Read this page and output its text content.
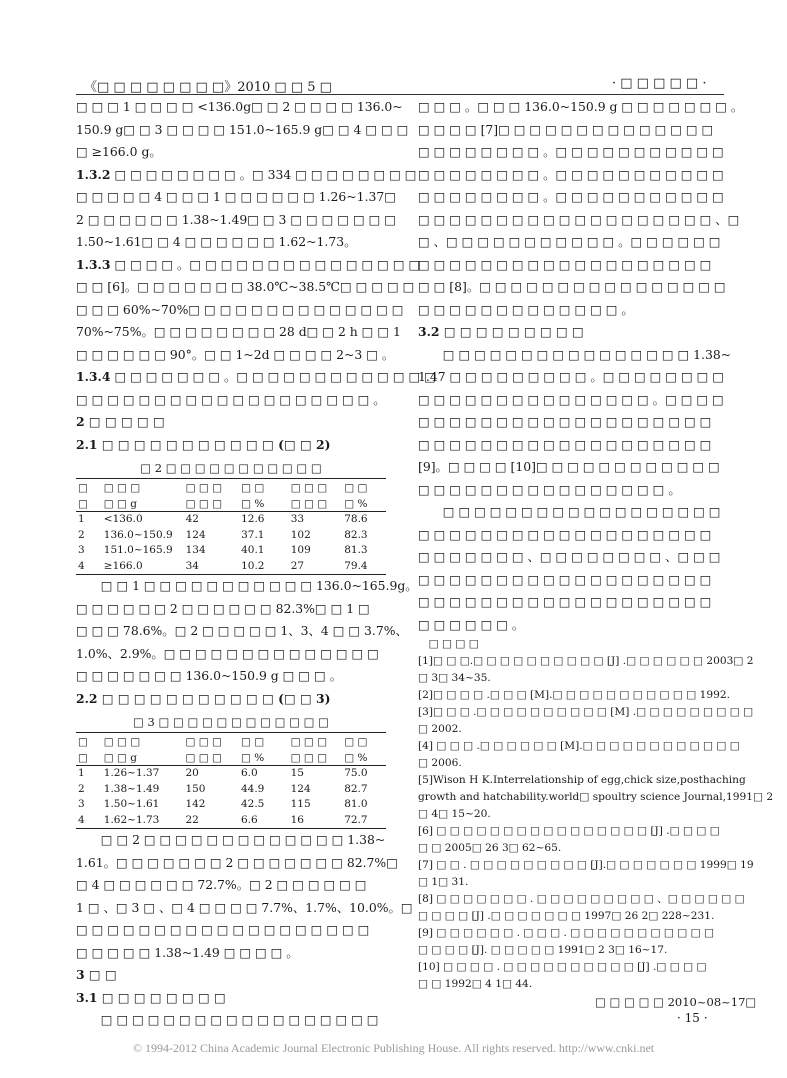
《□ □ □ □ □ □ □ □》2010 □ □ 5 □	· □ □ □ □ □ ·

□ □ □ 1 □ □ □ □ <136.0g□ □ 2 □ □ □ □ 136.0~

150.9 g□ □ 3 □ □ □ □ 151.0~165.9 g□ □ 4 □ □ □

□ ≥166.0 g。

1.3.2 □ □ □ □ □ □ □ □ 。□ 334 □ □ □ □ □ □ □ □

□ □ □ □ □ 4 □ □ □ 1 □ □ □ □ □ □ 1.26~1.37□

2 □ □ □ □ □ □ 1.38~1.49□ □ 3 □ □ □ □ □ □ □

1.50~1.61□ □ 4 □ □ □ □ □ □ 1.62~1.73。

1.3.3 □ □ □ □ 。□ □ □ □ □ □ □ □ □ □ □ □ □ □ □

□ □ [6]。□ □ □ □ □ □ □ 38.0℃~38.5℃□ □ □ □ □

□ □ □ 60%~70%□ □ □ □ □ □ □ □ □ □ □ □ □ □

70%~75%。□ □ □ □ □ □ □ □ 28 d□ □ 2 h □ □ 1

□ □ □ □ □ □ 90°。□ □ 1~2d □ □ □ □ 2~3 □ 。

1.3.4 □ □ □ □ □ □ □ 。□ □ □ □ □ □ □ □ □ □ □ □ □

□ □ □ □ □ □ □ □ □ □ □ □ □ □ □ □ □ □ □ 。

2 □ □ □ □ □

2.1 □ □ □ □ □ □ □ □ □ □ □ (□ □ 2)

□ 2 □ □ □ □ □ □ □ □ □ □ □
□	□ □ □	□ □ □	□ □	□ □ □	□ □
□	□ □ g	□ □ □	□ %	□ □ □	□ %
1	<136.0	42	12.6	33	78.6
2	136.0~150.9	124	37.1	102	82.3
3	151.0~165.9	134	40.1	109	81.3
4	≥166.0	34	10.2	27	79.4

□ □ 1 □ □ □ □ □ □ □ □ □ □ □ 136.0~165.9g。

□ □ □ □ □ □ 2 □ □ □ □ □ □ 82.3%□ □ 1 □

□ □ □ 78.6%。□ 2 □ □ □ □ □ 1、3、4 □ □ 3.7%、

1.0%、2.9%。□ □ □ □ □ □ □ □ □ □ □ □ □ □

□ □ □ □ □ □ □ 136.0~150.9 g □ □ □ 。

2.2 □ □ □ □ □ □ □ □ □ □ □ (□ □ 3)

□ 3 □ □ □ □ □ □ □ □ □ □ □ □
□	□ □ □	□ □ □	□ □	□ □ □	□ □
□	□ □ g	□ □ □	□ %	□ □ □	□ %
1	1.26~1.37	20	6.0	15	75.0
2	1.38~1.49	150	44.9	124	82.7
3	1.50~1.61	142	42.5	115	81.0
4	1.62~1.73	22	6.6	16	72.7

□ □ 2 □ □ □ □ □ □ □ □ □ □ □ □ □ 1.38~

1.61。□ □ □ □ □ □ □ 2 □ □ □ □ □ □ □ 82.7%□

□ 4 □ □ □ □ □ □ 72.7%。□ 2 □ □ □ □ □ □

1 □ 、□ 3 □ 、□ 4 □ □ □ □ 7.7%、1.7%、10.0%。□

□ □ □ □ □ □ □ □ □ □ □ □ □ □ □ □ □ □ □

□ □ □ □ □ 1.38~1.49 □ □ □ □ 。

3 □ □

3.1 □ □ □ □ □ □ □ □

□ □ □ □ □ □ □ □ □ □ □ □ □ □ □ □ □ □

□ □ □ 。□ □ □ 136.0~150.9 g □ □ □ □ □ □ □ 。

□ □ □ □ [7]□ □ □ □ □ □ □ □ □ □ □ □ □ □

□ □ □ □ □ □ □ □ 。□ □ □ □ □ □ □ □ □ □ □

□ □ □ □ □ □ □ □ 。□ □ □ □ □ □ □ □ □ □ □

□ □ □ □ □ □ □ □ 。□ □ □ □ □ □ □ □ □ □ □

□ □ □ □ □ □ □ □ □ □ □ □ □ □ □ □ □ □ □ 、□

□ 、□ □ □ □ □ □ □ □ □ □ □ 。□ □ □ □ □ □

□ □ □ □ □ □ □ □ □ □ □ □ □ □ □ □ □ □ □

□ □ [8]。□ □ □ □ □ □ □ □ □ □ □ □ □ □ □ □

□ □ □ □ □ □ □ □ □ □ □ □ □ 。

3.2 □ □ □ □ □ □ □ □ □

□ □ □ □ □ □ □ □ □ □ □ □ □ □ □ □ 1.38~

1.47 □ □ □ □ □ □ □ □ □ 。□ □ □ □ □ □ □ □

□ □ □ □ □ □ □ □ □ □ □ □ □ □ □ 。□ □ □ □

□ □ □ □ □ □ □ □ □ □ □ □ □ □ □ □ □ □ □

□ □ □ □ □ □ □ □ □ □ □ □ □ □ □ □ □ □ □

[9]。□ □ □ □ [10]□ □ □ □ □ □ □ □ □ □ □ □

□ □ □ □ □ □ □ □ □ □ □ □ □ □ □ □ 。

□ □ □ □ □ □ □ □ □ □ □ □ □ □ □ □ □ □

□ □ □ □ □ □ □ □ □ □ □ □ □ □ □ □ □ □ □

□ □ □ □ □ □ □ 、□ □ □ □ □ □ □ □ 、□ □ □

□ □ □ □ □ □ □ □ □ □ □ □ □ □ □ □ □ □ □

□ □ □ □ □ □ □ □ □ □ □ □ □ □ □ □ □ □ □

□ □ □ □ □ □ 。

□ □ □ □

[1]□ □ □.□ □ □ □ □ □ □ □ □ □ [J] .□ □ □ □ □ □ 2003□ 2

□ 3□ 34~35.

[2]□ □ □ □ .□ □ □ [M].□ □ □ □ □ □ □ □ □ □ □ 1992.

[3]□ □ □ .□ □ □ □ □ □ □ □ □ □ [M] .□ □ □ □ □ □ □ □ □

□ 2002.

[4] □ □ □ .□ □ □ □ □ □ [M].□ □ □ □ □ □ □ □ □ □ □ □

□ 2006.

[5]Wison H K.Interrelationship of egg,chick size,posthaching

growth and hatchability.world□ spoultry science Journal,1991□ 2

□ 4□ 15~20.

[6] □ □ □ □ □ □ □ □ □ □ □ □ □ □ □ □ [J] .□ □ □ □

□ □ 2005□ 26 3□ 62~65.

[7] □ □ . □ □ □ □ □ □ □ □ □ [J].□ □ □ □ □ □ □ 1999□ 19

□ 1□ 31.

[8] □ □ □ □ □ □ □ . □ □ □ □ □ □ □ □ □ 、□ □ □ □ □ □

□ □ □ □ [J] .□ □ □ □ □ □ □ 1997□ 26 2□ 228~231.

[9] □ □ □ □ □ □ . □ □ □ . □ □ □ □ □ □ □ □ □ □ □

□ □ □ □ [J]. □ □ □ □ □ 1991□ 2 3□ 16~17.

[10] □ □ □ □ . □ □ □ □ □ □ □ □ □ □ [J] .□ □ □ □

□ □ 1992□ 4 1□ 44.

□ □ □ □ □ 2010~08~17□
· 15 ·
© 1994-2012 China Academic Journal Electronic Publishing House. All rights reserved. http://www.cnki.net
